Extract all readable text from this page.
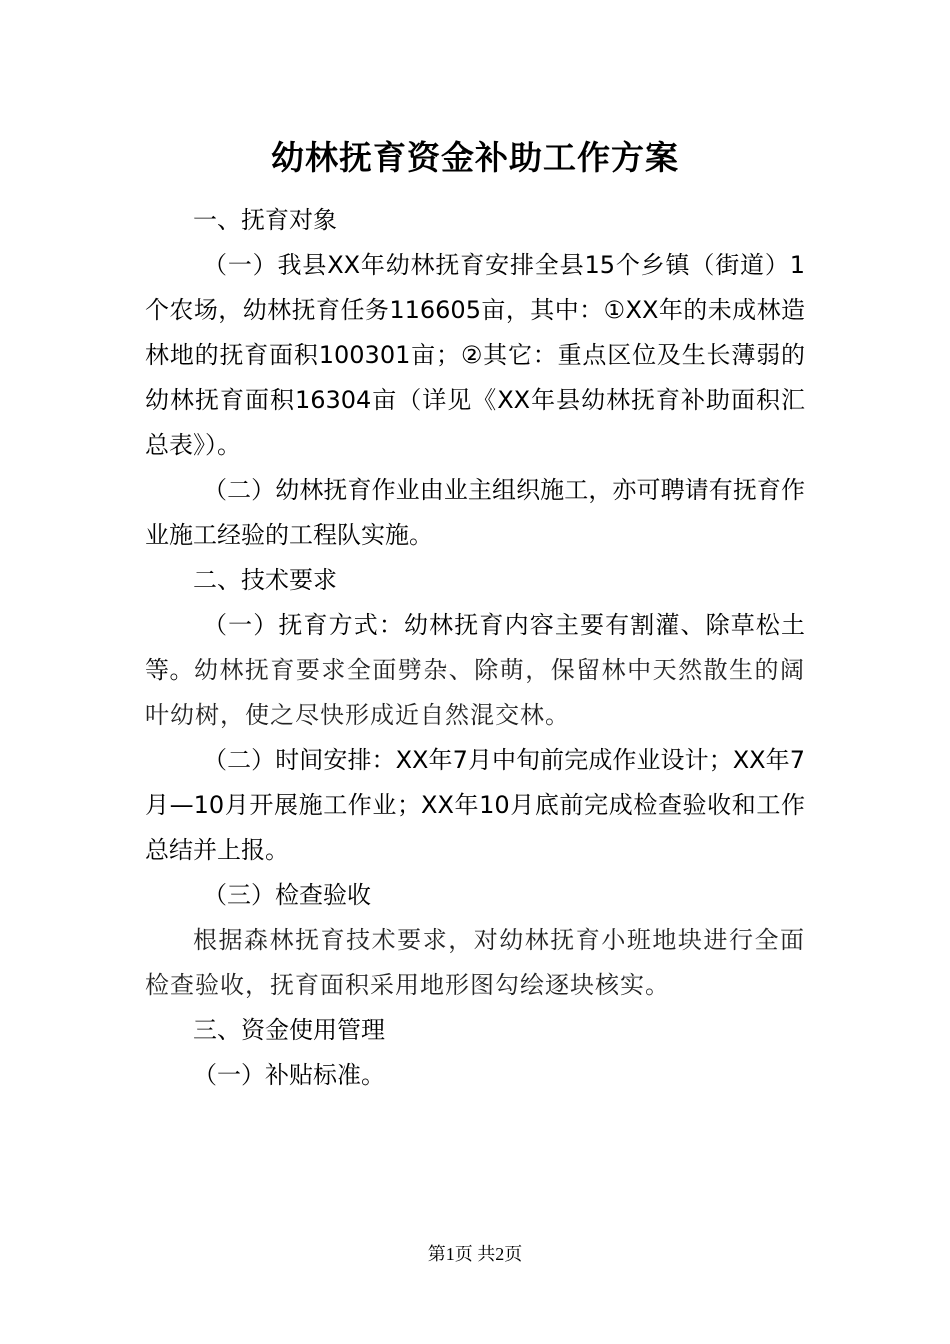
幼林抚育资金补助工作方案

一、抚育对象

（一）我县XX年幼林抚育安排全县15个乡镇（街道）1个农场，幼林抚育任务116605亩，其中：①XX年的未成林造林地的抚育面积100301亩；②其它：重点区位及生长薄弱的幼林抚育面积16304亩（详见《XX年县幼林抚育补助面积汇总表》）。

（二）幼林抚育作业由业主组织施工，亦可聘请有抚育作业施工经验的工程队实施。

二、技术要求

（一）抚育方式：幼林抚育内容主要有割灌、除草松土等。幼林抚育要求全面劈杂、除萌，保留林中天然散生的阔叶幼树，使之尽快形成近自然混交林。

（二）时间安排：XX年7月中旬前完成作业设计；XX年7月—10月开展施工作业；XX年10月底前完成检查验收和工作总结并上报。

（三）检查验收

根据森林抚育技术要求，对幼林抚育小班地块进行全面检查验收，抚育面积采用地形图勾绘逐块核实。

三、资金使用管理

（一）补贴标准。

第1页 共2页
